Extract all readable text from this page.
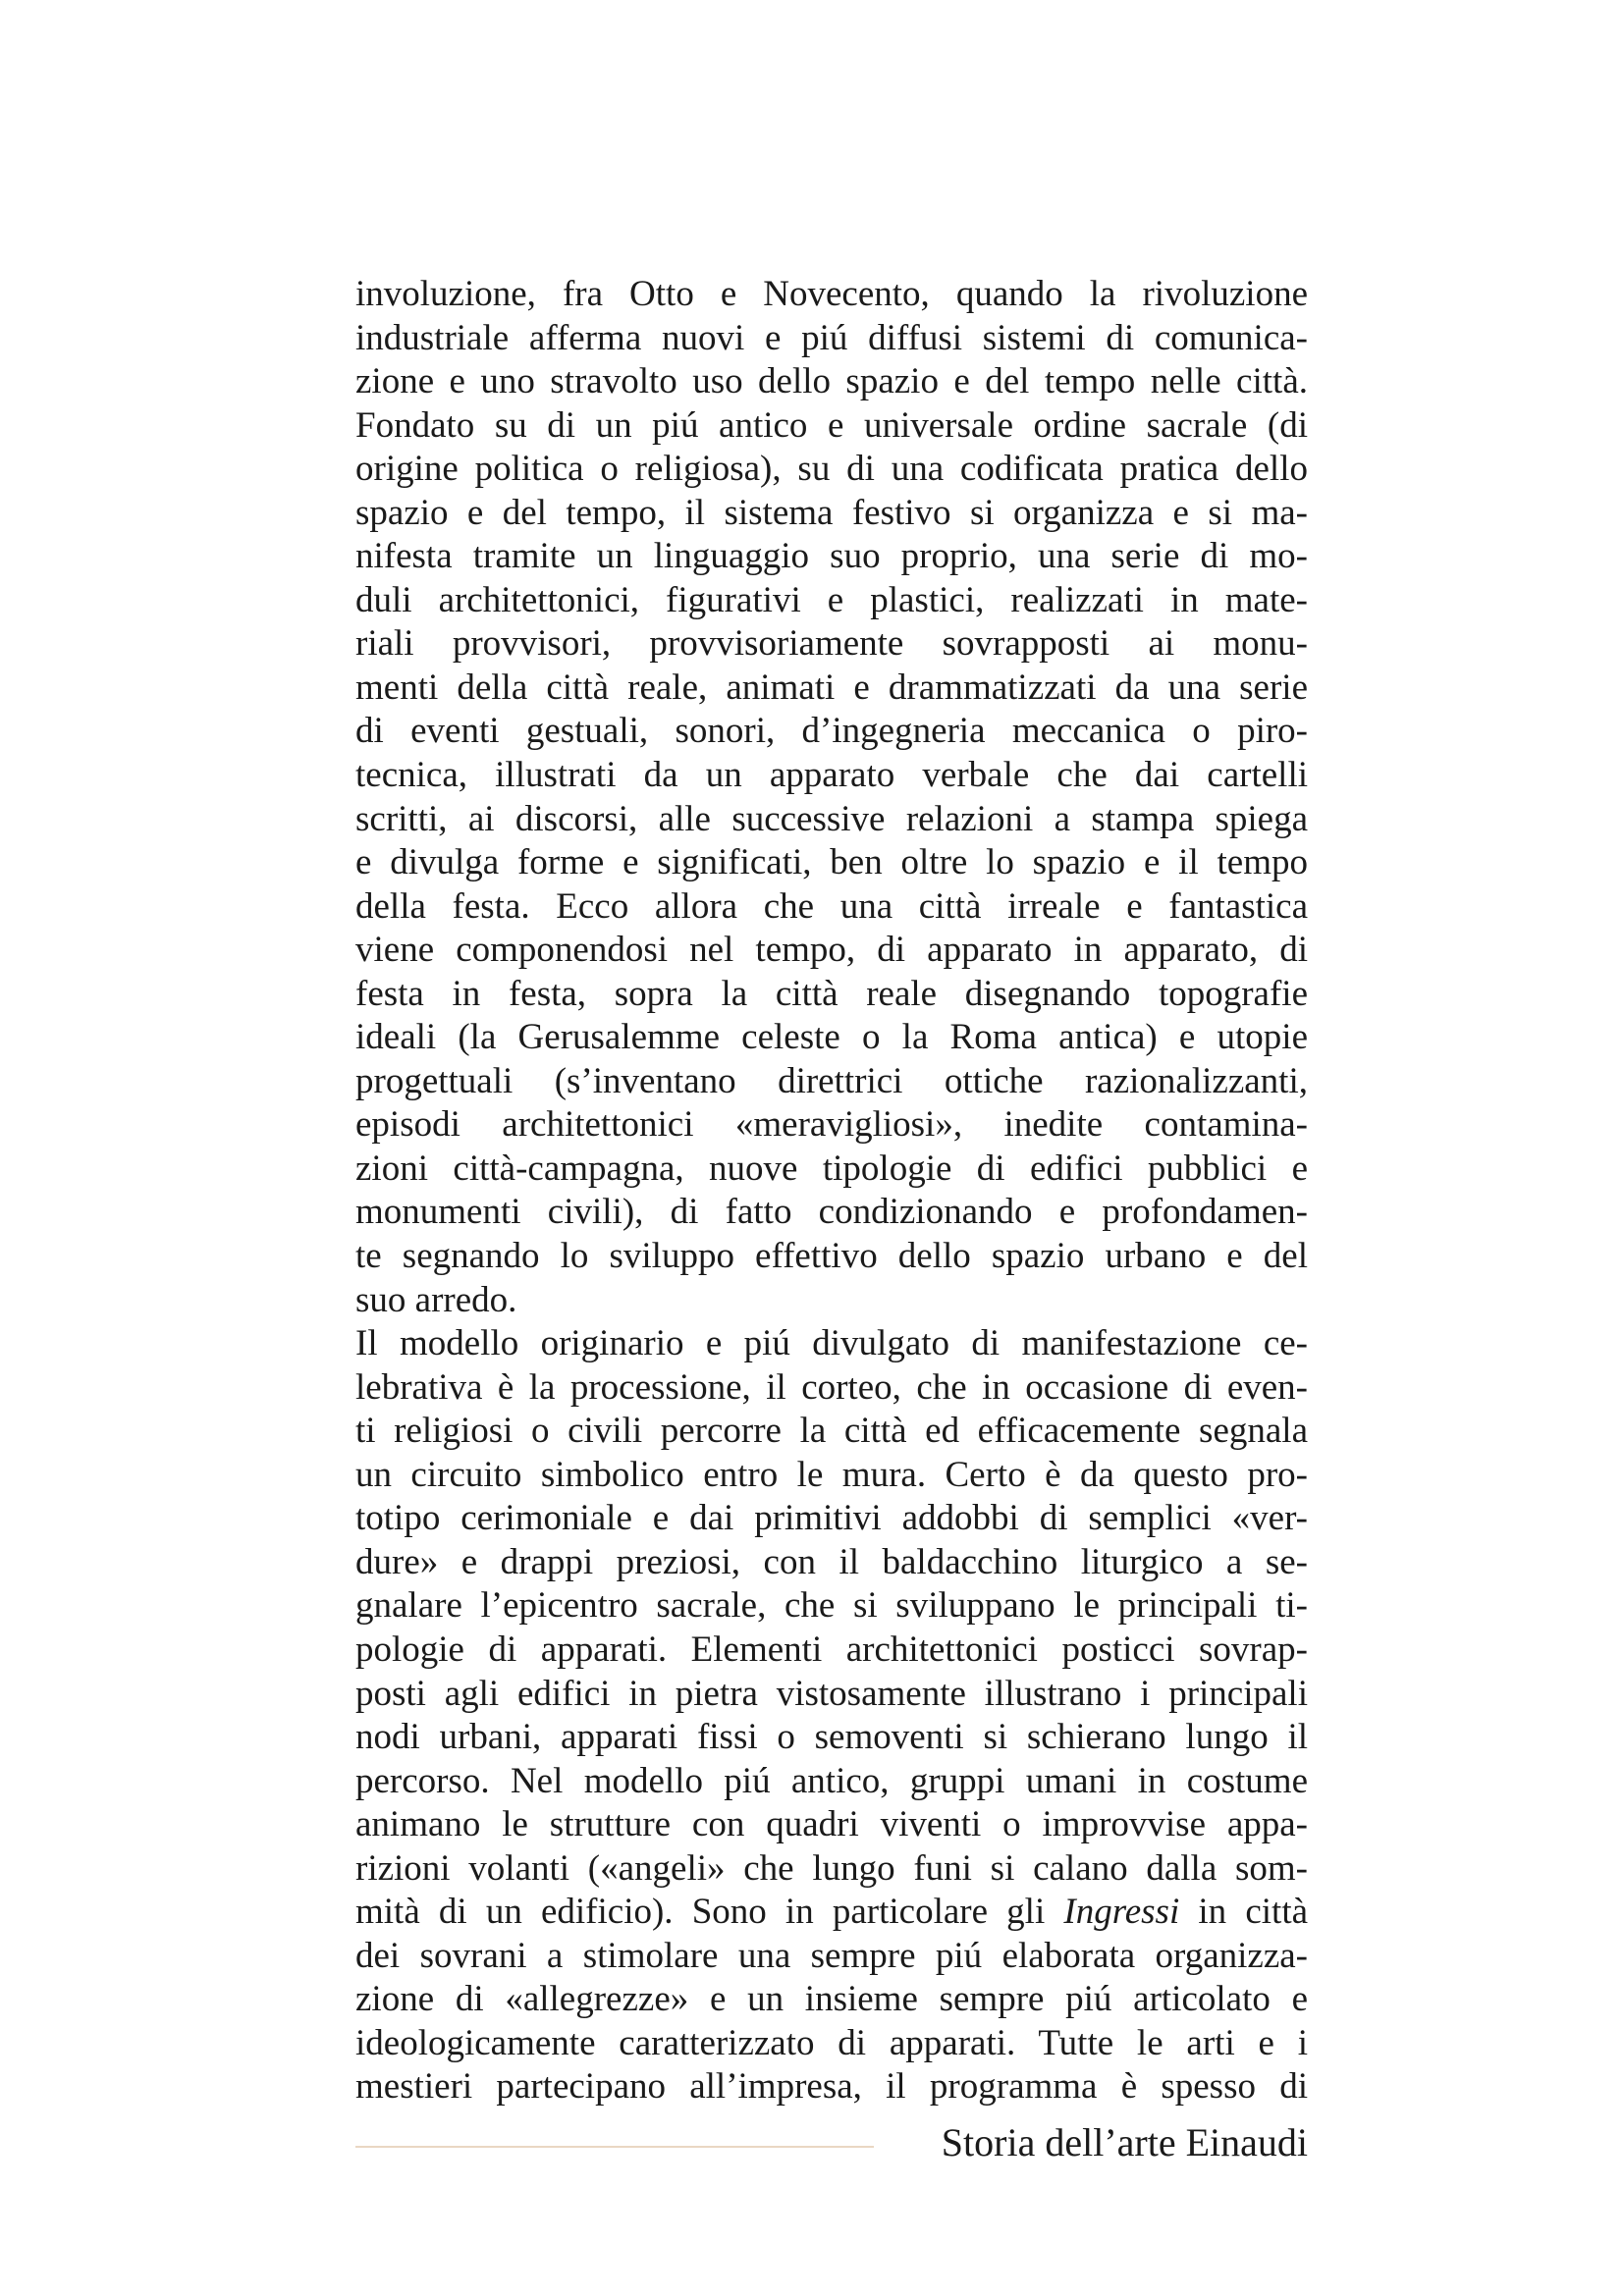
involuzione, fra Otto e Novecento, quando la rivoluzione
industriale afferma nuovi e piú diffusi sistemi di comunica-
zione e uno stravolto uso dello spazio e del tempo nelle città.
Fondato su di un piú antico e universale ordine sacrale (di
origine politica o religiosa), su di una codificata pratica dello
spazio e del tempo, il sistema festivo si organizza e si ma-
nifesta tramite un linguaggio suo proprio, una serie di mo-
duli architettonici, figurativi e plastici, realizzati in mate-
riali provvisori, provvisoriamente sovrapposti ai monu-
menti della città reale, animati e drammatizzati da una serie
di eventi gestuali, sonori, d’ingegneria meccanica o piro-
tecnica, illustrati da un apparato verbale che dai cartelli
scritti, ai discorsi, alle successive relazioni a stampa spiega
e divulga forme e significati, ben oltre lo spazio e il tempo
della festa. Ecco allora che una città irreale e fantastica
viene componendosi nel tempo, di apparato in apparato, di
festa in festa, sopra la città reale disegnando topografie
ideali (la Gerusalemme celeste o la Roma antica) e utopie
progettuali (s’inventano direttrici ottiche razionalizzanti,
episodi architettonici «meravigliosi», inedite contamina-
zioni città-campagna, nuove tipologie di edifici pubblici e
monumenti civili), di fatto condizionando e profondamen-
te segnando lo sviluppo effettivo dello spazio urbano e del
suo arredo.
Il modello originario e piú divulgato di manifestazione ce-
lebrativa è la processione, il corteo, che in occasione di even-
ti religiosi o civili percorre la città ed efficacemente segnala
un circuito simbolico entro le mura. Certo è da questo pro-
totipo cerimoniale e dai primitivi addobbi di semplici «ver-
dure» e drappi preziosi, con il baldacchino liturgico a se-
gnalare l’epicentro sacrale, che si sviluppano le principali ti-
pologie di apparati. Elementi architettonici posticci sovrap-
posti agli edifici in pietra vistosamente illustrano i principali
nodi urbani, apparati fissi o semoventi si schierano lungo il
percorso. Nel modello piú antico, gruppi umani in costume
animano le strutture con quadri viventi o improvvise appa-
rizioni volanti («angeli» che lungo funi si calano dalla som-
mità di un edificio). Sono in particolare gli Ingressi in città
dei sovrani a stimolare una sempre piú elaborata organizza-
zione di «allegrezze» e un insieme sempre piú articolato e
ideologicamente caratterizzato di apparati. Tutte le arti e i
mestieri partecipano all’impresa, il programma è spesso di
Storia dell’arte Einaudi
